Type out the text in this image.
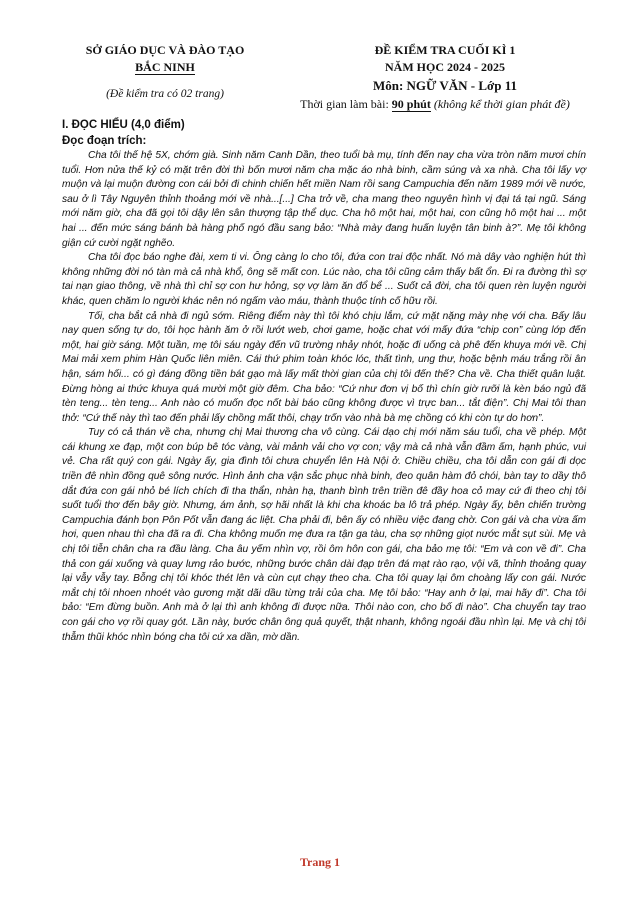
SỞ GIÁO DỤC VÀ ĐÀO TẠO
BẮC NINH
(Đề kiểm tra có 02 trang)
ĐỀ KIỂM TRA CUỐI KÌ 1
NĂM HỌC 2024 - 2025
Môn: NGỮ VĂN - Lớp 11
Thời gian làm bài: 90 phút (không kể thời gian phát đề)
I. ĐỌC HIỂU (4,0 điểm)
Đọc đoạn trích:

Cha tôi thế hệ 5X, chớm già. Sinh năm Canh Dần, theo tuổi bà mụ, tính đến nay cha vừa tròn năm mươi chín tuổi. Hơn nửa thế kỷ có mặt trên đời thì bốn mươi năm cha mặc áo nhà binh, cầm súng và xa nhà. Cha tôi lấy vợ muộn và lại muộn đường con cái bởi đi chinh chiến hết miền Nam rồi sang Campuchia đến năm 1989 mới về nước, sau ở lì Tây Nguyên thỉnh thoảng mới về nhà...[...] Cha trở về, cha mang theo nguyên hình vị đại tá tại ngũ. Sáng mới năm giờ, cha đã gọi tôi dậy lên sân thượng tập thể dục. Cha hô một hai, một hai, con cũng hô một hai ... một hai ... đến mức sáng bánh bà hàng phố ngó đầu sang bảo: “Nhà mày đang huấn luyện tân binh à?”. Mẹ tôi không giận cứ cười ngặt nghẽo.

Cha tôi đọc báo nghe đài, xem ti vi. Ông càng lo cho tôi, đứa con trai độc nhất. Nó mà dây vào nghiện hút thì không những đời nó tàn mà cả nhà khổ, ông sẽ mất con. Lúc nào, cha tôi cũng cảm thấy bất ổn. Đi ra đường thì sợ tai nạn giao thông, về nhà thì chỉ sợ con hư hỏng, sợ vợ làm ăn đổ bể ... Suốt cả đời, cha tôi quen rèn luyện người khác, quen chăm lo người khác nên nó ngấm vào máu, thành thuộc tính cố hữu rồi.

Tối, cha bắt cả nhà đi ngủ sớm. Riêng điểm này thì tôi khó chịu lắm, cứ mặt nặng mày nhẹ với cha. Bấy lâu nay quen sống tự do, tôi học hành ăm ở rồi lướt web, chơi game, hoặc chat với mấy đứa “chip con” cùng lớp đến một, hai giờ sáng. Một tuần, mẹ tôi sáu ngày đến vũ trường nhảy nhót, hoặc đi uống cà phê đến khuya mới về. Chị Mai mải xem phim Hàn Quốc liên miên. Cái thứ phim toàn khóc lóc, thất tình, ung thư, hoặc bệnh máu trắng rồi ân hận, sám hối... có gì đáng đồng tiền bát gạo mà lấy mất thời gian của chị tôi đến thế? Cha về. Cha thiết quân luật. Đừng hòng ai thức khuya quá mười một giờ đêm. Cha bảo: “Cứ như đơn vị bố thì chín giờ rưỡi là kèn báo ngủ đã tèn teng... tèn teng... Anh nào có muốn đọc nốt bài báo cũng không được vì trực ban... tắt điện”. Chị Mai tôi than thở: “Cứ thế này thì tao đến phải lấy chồng mất thôi, chạy trốn vào nhà bà mẹ chồng có khi còn tự do hơn”.

Tuy có cả thán về cha, nhưng chị Mai thương cha vô cùng. Cái dạo chị mới năm sáu tuổi, cha về phép. Một cái khung xe đạp, một con búp bê tóc vàng, vài mảnh vải cho vợ con; vậy mà cả nhà vẫn đầm ấm, hạnh phúc, vui vẻ. Cha rất quý con gái. Ngày ấy, gia đình tôi chưa chuyển lên Hà Nội ở. Chiều chiều, cha tôi dẫn con gái đi dọc triền đê nhìn đồng quê sông nước. Hình ảnh cha vận sắc phục nhà binh, đeo quân hàm đỏ chói, bàn tay to dầy thô dắt đứa con gái nhỏ bé lích chích đi tha thẩn, nhàn hạ, thanh bình trên triền đê đầy hoa cỏ may cứ đi theo chị tôi suốt tuổi thơ đến bây giờ. Nhưng, ám ảnh, sợ hãi nhất là khi cha khoác ba lô trả phép. Ngày ấy, bên chiến trường Campuchia đánh bọn Pôn Pốt vẫn đang ác liệt. Cha phải đi, bên ấy có nhiều việc đang chờ. Con gái và cha vừa ấm hơi, quen nhau thì cha đã ra đi. Cha không muốn mẹ đưa ra tận ga tàu, cha sợ những giọt nước mắt sụt sùi. Mẹ và chị tôi tiễn chân cha ra đầu làng. Cha âu yếm nhìn vợ, rồi ôm hôn con gái, cha bảo mẹ tôi: “Em và con về đi”. Cha thả con gái xuống và quay lưng rảo bước, những bước chân dài đạp trên đá mạt rào rạo, vội vã, thỉnh thoảng quay lại vẫy vẫy tay. Bỗng chị tôi khóc thét lên và cùn cụt chạy theo cha. Cha tôi quay lại ôm choàng lấy con gái. Nước mắt chị tôi nhoen nhoét vào gương mặt dãi dầu từng trải của cha. Mẹ tôi bảo: “Hay anh ở lại, mai hãy đi”. Cha tôi bảo: “Em đừng buồn. Anh mà ở lại thì anh không đi được nữa. Thôi nào con, cho bố đi nào”. Cha chuyển tay trao con gái cho vợ rồi quay gót. Lần này, bước chân ông quả quyết, thật nhanh, không ngoái đầu nhìn lại. Mẹ và chị tôi thẫm thũi khóc nhìn bóng cha tôi cứ xa dần, mờ dần.

Trang 1
